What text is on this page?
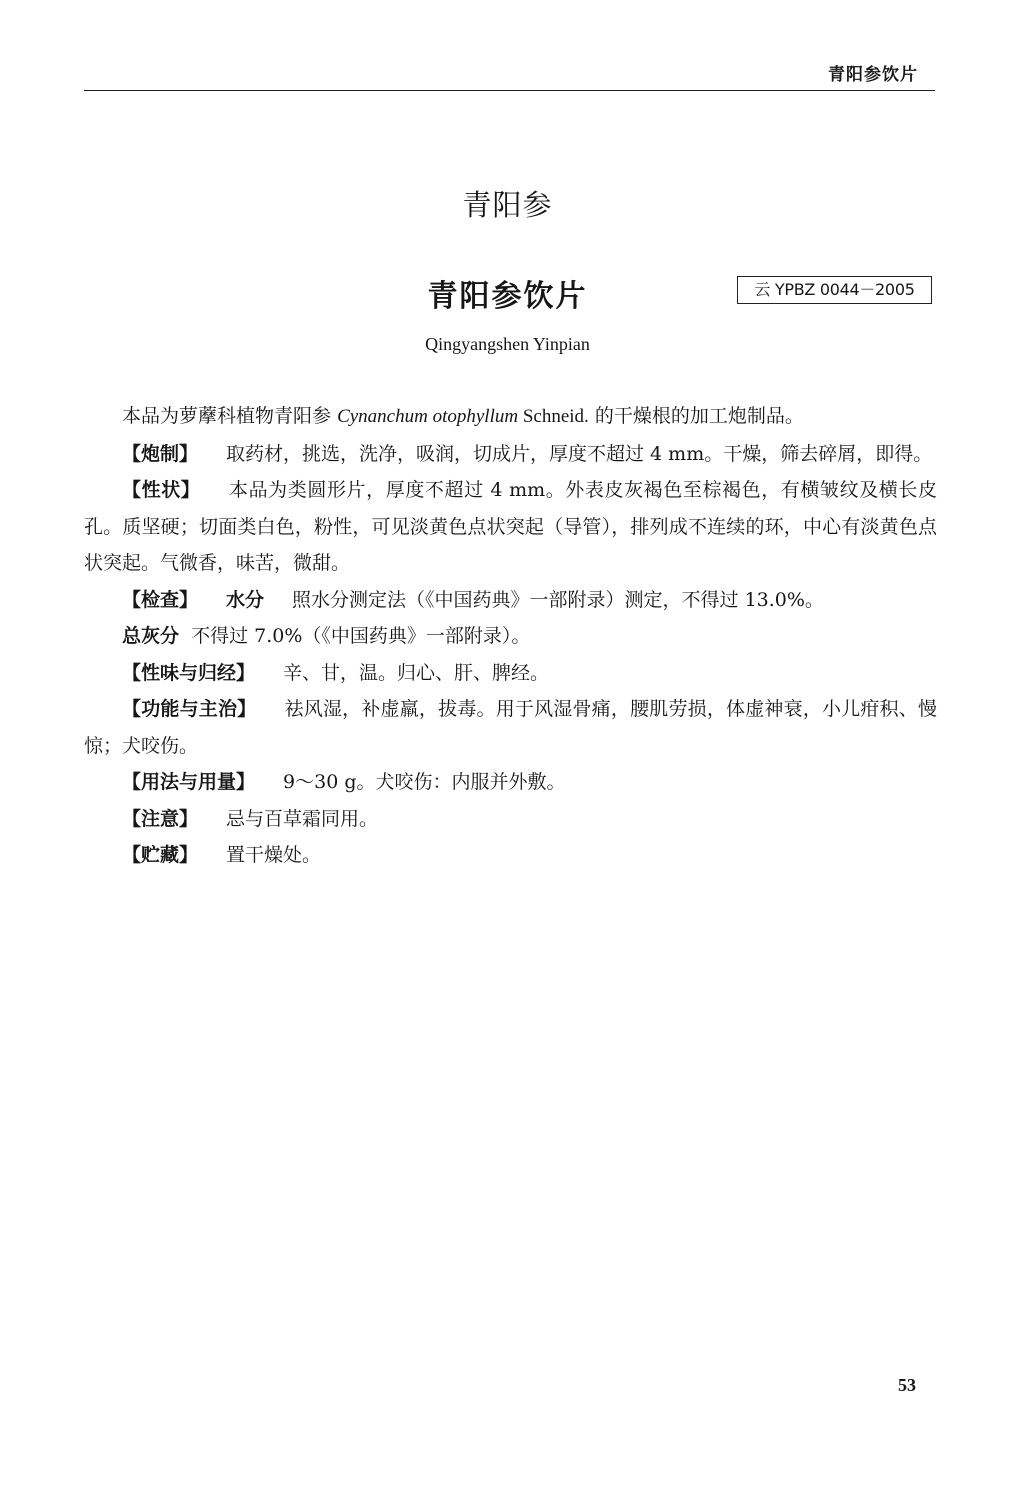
青阳参饮片
青阳参
青阳参饮片	云 YPBZ 0044－2005
Qingyangshen Yinpian

本品为萝藦科植物青阳参 Cynanchum otophyllum Schneid. 的干燥根的加工炮制品。

【炮制】 取药材，挑选，洗净，吸润，切成片，厚度不超过 4 mm。干燥，筛去碎屑，即得。

【性状】 本品为类圆形片，厚度不超过 4 mm。外表皮灰褐色至棕褐色，有横皱纹及横长皮孔。质坚硬；切面类白色，粉性，可见淡黄色点状突起（导管），排列成不连续的环，中心有淡黄色点状突起。气微香，味苦，微甜。

【检查】 水分 照水分测定法（《中国药典》一部附录）测定，不得过 13.0%。

总灰分 不得过 7.0%（《中国药典》一部附录）。

【性味与归经】 辛、甘，温。归心、肝、脾经。

【功能与主治】 祛风湿，补虚羸，拔毒。用于风湿骨痛，腰肌劳损，体虚神衰，小儿疳积、慢惊；犬咬伤。

【用法与用量】 9～30 g。犬咬伤：内服并外敷。

【注意】 忌与百草霜同用。

【贮藏】 置干燥处。

53
